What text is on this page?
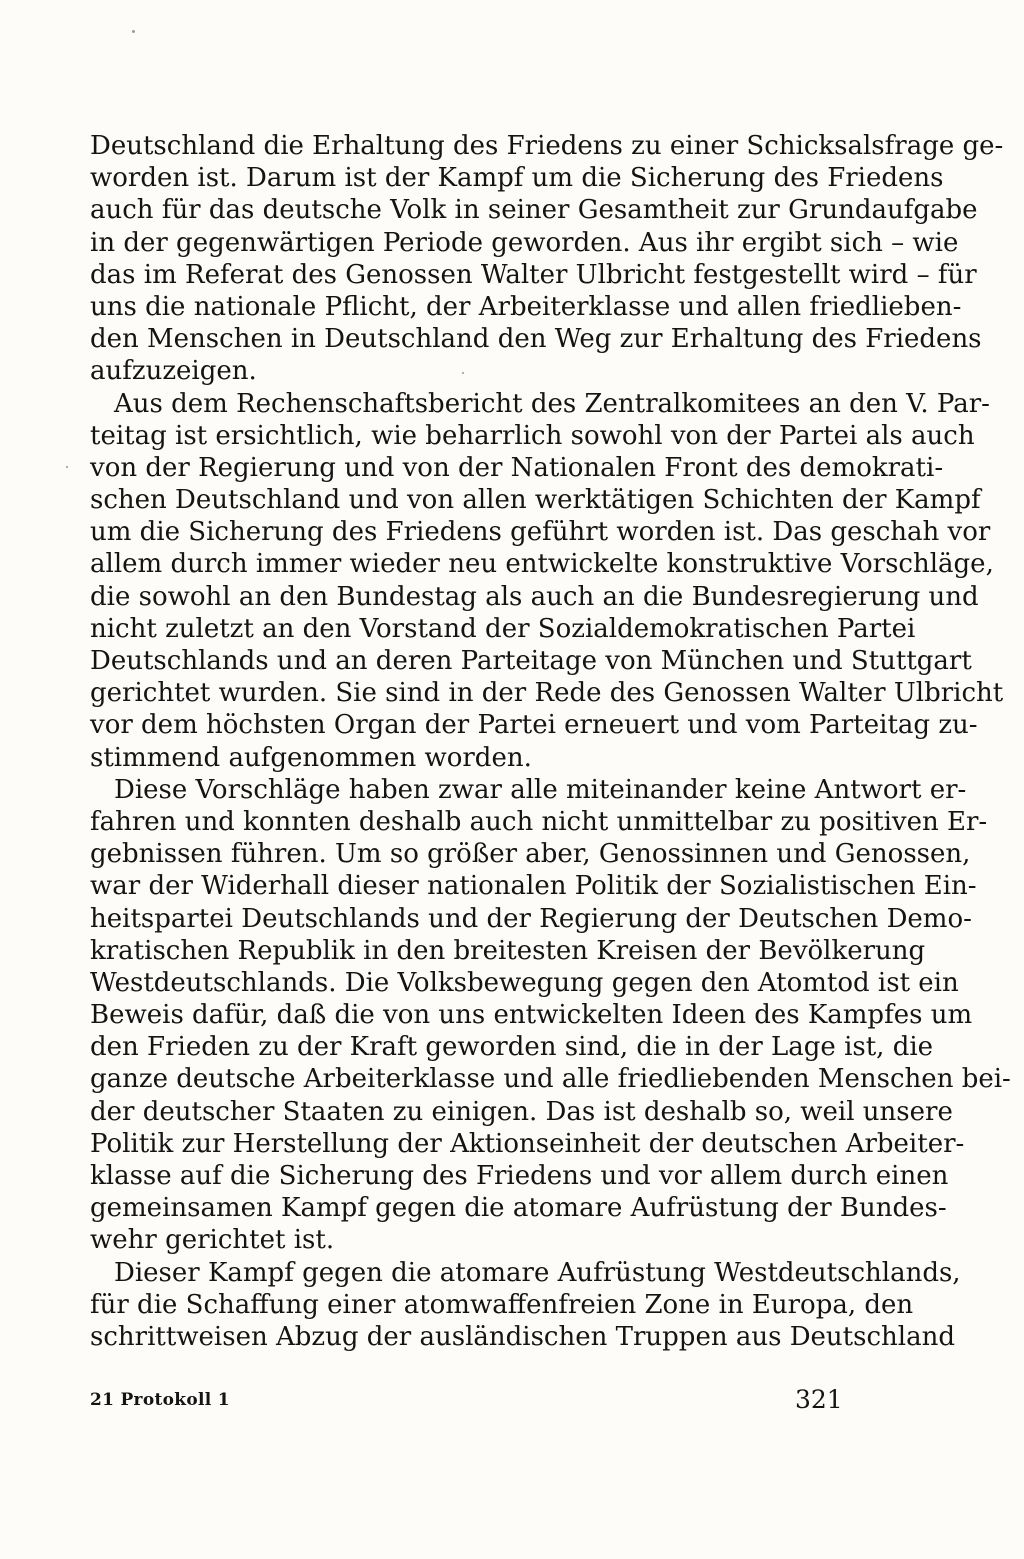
Deutschland die Erhaltung des Friedens zu einer Schicksalsfrage ge-
worden ist. Darum ist der Kampf um die Sicherung des Friedens
auch für das deutsche Volk in seiner Gesamtheit zur Grundaufgabe
in der gegenwärtigen Periode geworden. Aus ihr ergibt sich – wie
das im Referat des Genossen Walter Ulbricht festgestellt wird – für
uns die nationale Pflicht, der Arbeiterklasse und allen friedlieben-
den Menschen in Deutschland den Weg zur Erhaltung des Friedens
aufzuzeigen.
Aus dem Rechenschaftsbericht des Zentralkomitees an den V. Par-
teitag ist ersichtlich, wie beharrlich sowohl von der Partei als auch
von der Regierung und von der Nationalen Front des demokrati-
schen Deutschland und von allen werktätigen Schichten der Kampf
um die Sicherung des Friedens geführt worden ist. Das geschah vor
allem durch immer wieder neu entwickelte konstruktive Vorschläge,
die sowohl an den Bundestag als auch an die Bundesregierung und
nicht zuletzt an den Vorstand der Sozialdemokratischen Partei
Deutschlands und an deren Parteitage von München und Stuttgart
gerichtet wurden. Sie sind in der Rede des Genossen Walter Ulbricht
vor dem höchsten Organ der Partei erneuert und vom Parteitag zu-
stimmend aufgenommen worden.
Diese Vorschläge haben zwar alle miteinander keine Antwort er-
fahren und konnten deshalb auch nicht unmittelbar zu positiven Er-
gebnissen führen. Um so größer aber, Genossinnen und Genossen,
war der Widerhall dieser nationalen Politik der Sozialistischen Ein-
heitspartei Deutschlands und der Regierung der Deutschen Demo-
kratischen Republik in den breitesten Kreisen der Bevölkerung
Westdeutschlands. Die Volksbewegung gegen den Atomtod ist ein
Beweis dafür, daß die von uns entwickelten Ideen des Kampfes um
den Frieden zu der Kraft geworden sind, die in der Lage ist, die
ganze deutsche Arbeiterklasse und alle friedliebenden Menschen bei-
der deutscher Staaten zu einigen. Das ist deshalb so, weil unsere
Politik zur Herstellung der Aktionseinheit der deutschen Arbeiter-
klasse auf die Sicherung des Friedens und vor allem durch einen
gemeinsamen Kampf gegen die atomare Aufrüstung der Bundes-
wehr gerichtet ist.
Dieser Kampf gegen die atomare Aufrüstung Westdeutschlands,
für die Schaffung einer atomwaffenfreien Zone in Europa, den
schrittweisen Abzug der ausländischen Truppen aus Deutschland
21 Protokoll 1	321
